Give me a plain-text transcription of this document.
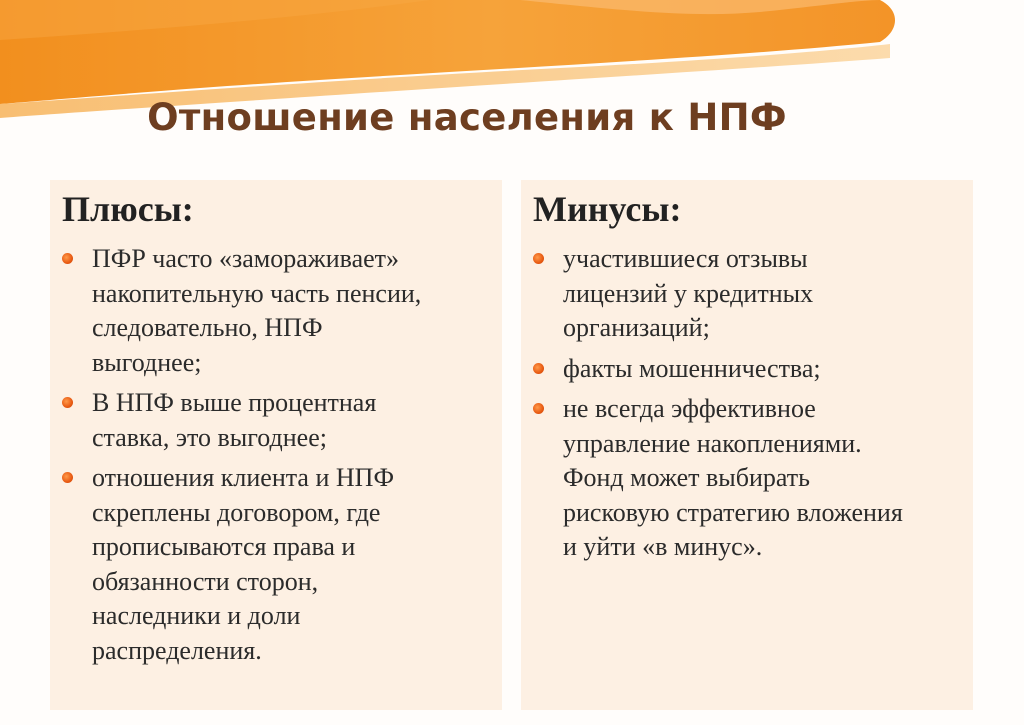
Отношение населения к НПФ
Плюсы:
ПФР часто «замораживает»
накопительную часть пенсии,
следовательно, НПФ
выгоднее;
В НПФ выше процентная
ставка, это выгоднее;
отношения клиента и НПФ
скреплены договором, где
прописываются права и
обязанности сторон,
наследники и доли
распределения.
Минусы:
участившиеся отзывы
лицензий у кредитных
организаций;
факты мошенничества;
не всегда эффективное
управление накоплениями.
Фонд может выбирать
рисковую стратегию вложения
и уйти «в минус».
